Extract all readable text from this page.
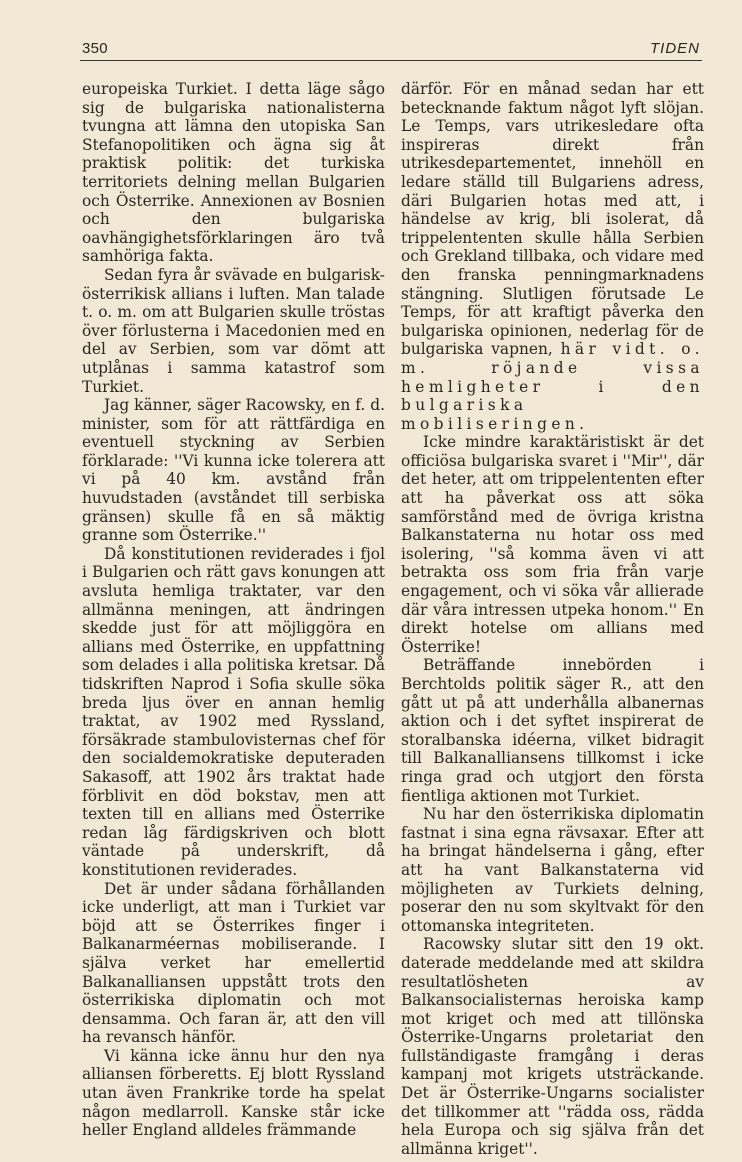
350	TIDEN

europeiska Turkiet. I detta läge sågo sig de bulgariska nationalisterna tvungna att lämna den utopiska San Stefanopolitiken och ägna sig åt praktisk politik: det turkiska territoriets delning mellan Bulgarien och Österrike. Annexionen av Bosnien och den bulgariska oavhängighetsförklaringen äro två samhöriga fakta.

Sedan fyra år svävade en bulgarisk-österrikisk allians i luften. Man talade t. o. m. om att Bulgarien skulle tröstas över förlusterna i Macedonien med en del av Serbien, som var dömt att utplånas i samma katastrof som Turkiet.

Jag känner, säger Racowsky, en f. d. minister, som för att rättfärdiga en eventuell styckning av Serbien förklarade: ''Vi kunna icke tolerera att vi på 40 km. avstånd från huvudstaden (avståndet till serbiska gränsen) skulle få en så mäktig granne som Österrike.''

Då konstitutionen reviderades i fjol i Bulgarien och rätt gavs konungen att avsluta hemliga traktater, var den allmänna meningen, att ändringen skedde just för att möjliggöra en allians med Österrike, en uppfattning som delades i alla politiska kretsar. Då tidskriften Naprod i Sofia skulle söka breda ljus över en annan hemlig traktat, av 1902 med Ryssland, försäkrade stambulovisternas chef för den socialdemokratiske deputeraden Sakasoff, att 1902 års traktat hade förblivit en död bokstav, men att texten till en allians med Österrike redan låg färdigskriven och blott väntade på underskrift, då konstitutionen reviderades.

Det är under sådana förhållanden icke underligt, att man i Turkiet var böjd att se Österrikes finger i Balkanarméernas mobiliserande. I själva verket har emellertid Balkanalliansen uppstått trots den österrikiska diplomatin och mot densamma. Och faran är, att den vill ha revansch hänför.

Vi känna icke ännu hur den nya alliansen förberetts. Ej blott Ryssland utan även Frankrike torde ha spelat någon medlarroll. Kanske står icke heller England alldeles främmande

därför. För en månad sedan har ett betecknande faktum något lyft slöjan. Le Temps, vars utrikesledare ofta inspireras direkt från utrikesdepartementet, innehöll en ledare ställd till Bulgariens adress, däri Bulgarien hotas med att, i händelse av krig, bli isolerat, då trippelententen skulle hålla Serbien och Grekland tillbaka, och vidare med den franska penningmarknadens stängning. Slutligen förutsade Le Temps, för att kraftigt påverka den bulgariska opinionen, nederlag för de bulgariska vapnen, här vidt. o. m. röjande vissa hemligheter i den bulgariska mobiliseringen.

Icke mindre karaktäristiskt är det officiösa bulgariska svaret i ''Mir'', där det heter, att om trippelententen efter att ha påverkat oss att söka samförstånd med de övriga kristna Balkanstaterna nu hotar oss med isolering, ''så komma även vi att betrakta oss som fria från varje engagement, och vi söka vår allierade där våra intressen utpeka honom.'' En direkt hotelse om allians med Österrike!

Beträffande innebörden i Berchtolds politik säger R., att den gått ut på att underhålla albanernas aktion och i det syftet inspirerat de storalbanska idéerna, vilket bidragit till Balkanalliansens tillkomst i icke ringa grad och utgjort den första fientliga aktionen mot Turkiet.

Nu har den österrikiska diplomatin fastnat i sina egna rävsaxar. Efter att ha bringat händelserna i gång, efter att ha vant Balkanstaterna vid möjligheten av Turkiets delning, poserar den nu som skyltvakt för den ottomanska integriteten.

Racowsky slutar sitt den 19 okt. daterade meddelande med att skildra resultatlösheten av Balkansocialisternas heroiska kamp mot kriget och med att tillönska Österrike-Ungarns proletariat den fullständigaste framgång i deras kampanj mot krigets utsträckande. Det är Österrike-Ungarns socialister det tillkommer att ''rädda oss, rädda hela Europa och sig själva från det allmänna kriget''.
